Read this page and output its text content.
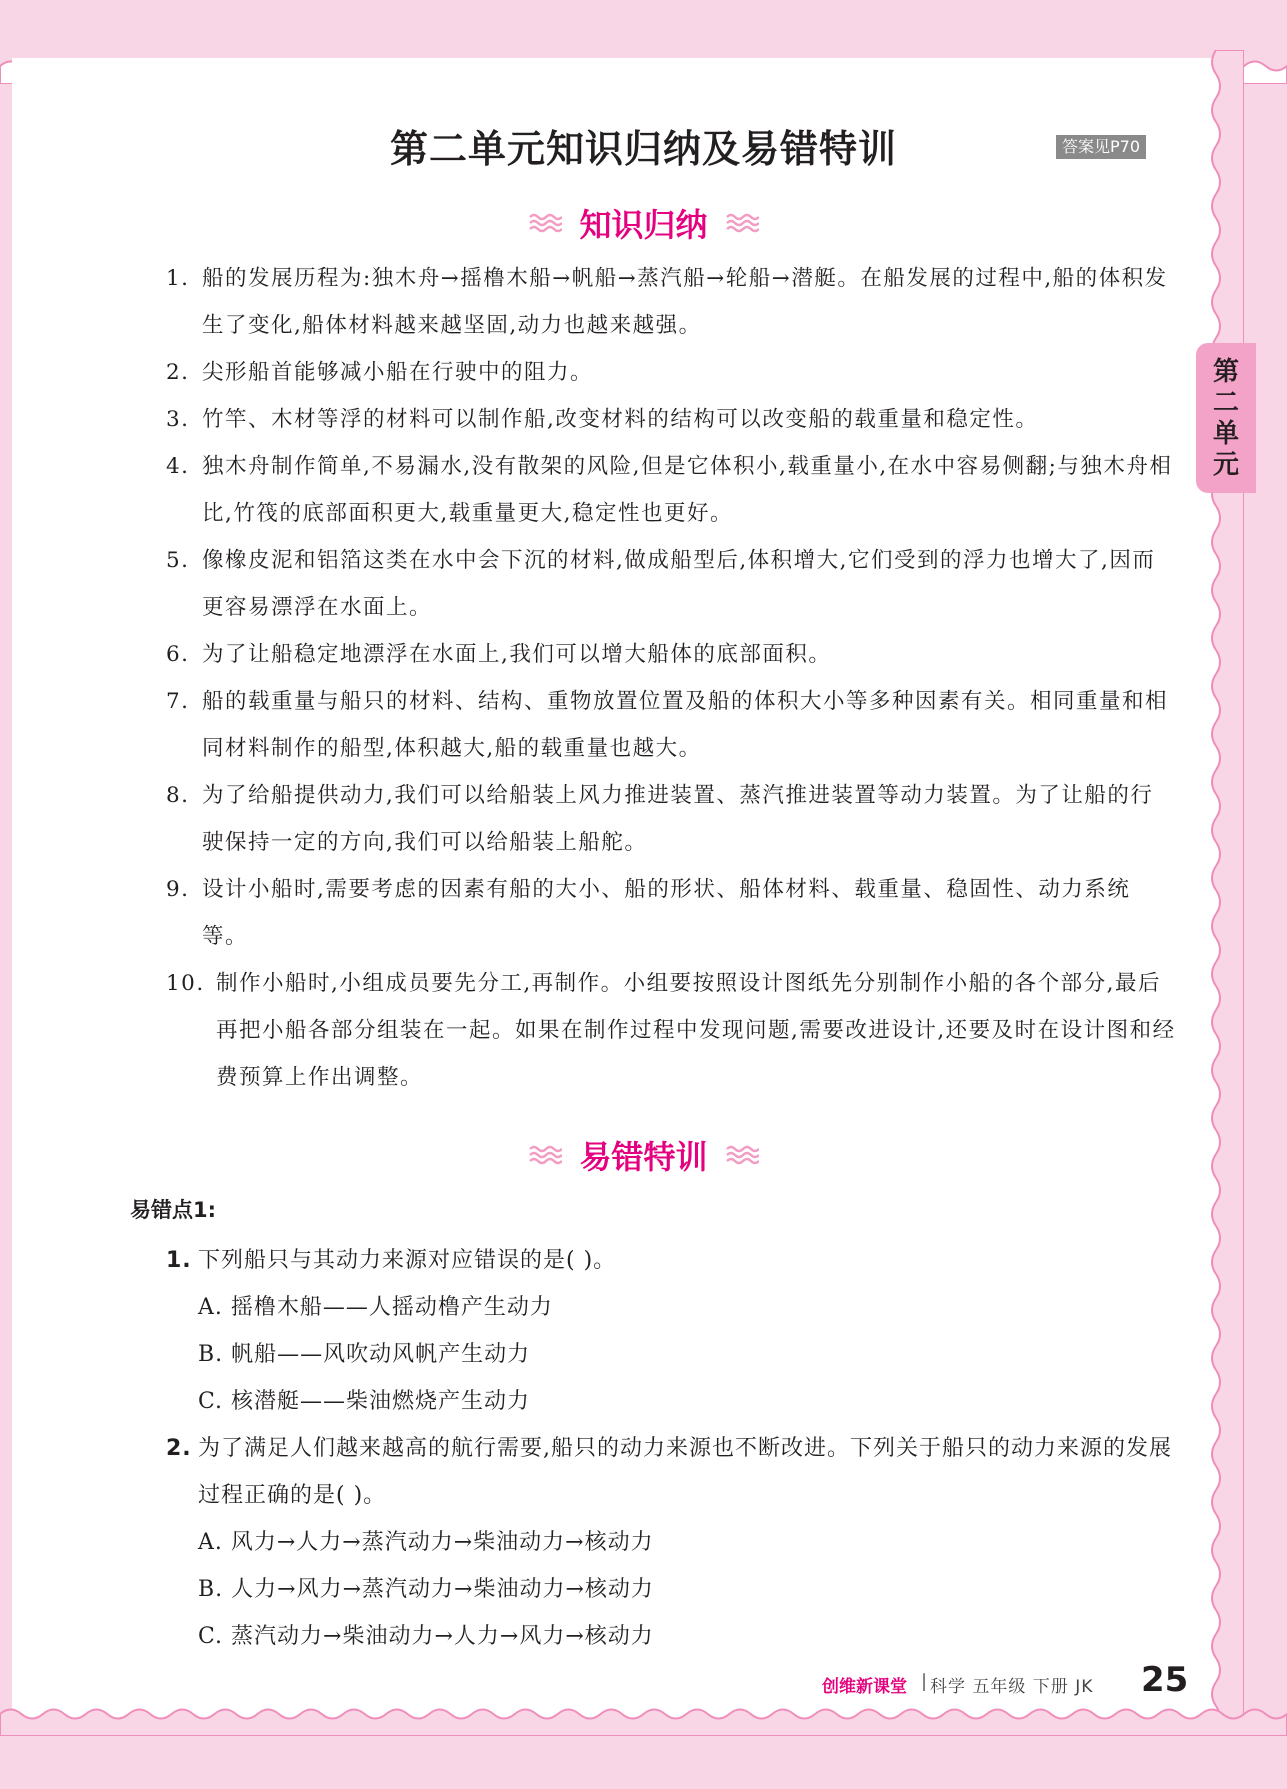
第二单元知识归纳及易错特训	答案见P70
第二单元
知识归纳
1. 船的发展历程为:独木舟→摇橹木船→帆船→蒸汽船→轮船→潜艇。在船发展的过程中,船的体积发生了变化,船体材料越来越坚固,动力也越来越强。
2. 尖形船首能够减小船在行驶中的阻力。
3. 竹竿、木材等浮的材料可以制作船,改变材料的结构可以改变船的载重量和稳定性。
4. 独木舟制作简单,不易漏水,没有散架的风险,但是它体积小,载重量小,在水中容易侧翻;与独木舟相比,竹筏的底部面积更大,载重量更大,稳定性也更好。
5. 像橡皮泥和铝箔这类在水中会下沉的材料,做成船型后,体积增大,它们受到的浮力也增大了,因而更容易漂浮在水面上。
6. 为了让船稳定地漂浮在水面上,我们可以增大船体的底部面积。
7. 船的载重量与船只的材料、结构、重物放置位置及船的体积大小等多种因素有关。相同重量和相同材料制作的船型,体积越大,船的载重量也越大。
8. 为了给船提供动力,我们可以给船装上风力推进装置、蒸汽推进装置等动力装置。为了让船的行驶保持一定的方向,我们可以给船装上船舵。
9. 设计小船时,需要考虑的因素有船的大小、船的形状、船体材料、载重量、稳固性、动力系统等。
10. 制作小船时,小组成员要先分工,再制作。小组要按照设计图纸先分别制作小船的各个部分,最后再把小船各部分组装在一起。如果在制作过程中发现问题,需要改进设计,还要及时在设计图和经费预算上作出调整。
易错特训
易错点1:
1. 下列船只与其动力来源对应错误的是( )。
A. 摇橹木船——人摇动橹产生动力
B. 帆船——风吹动风帆产生动力
C. 核潜艇——柴油燃烧产生动力
2. 为了满足人们越来越高的航行需要,船只的动力来源也不断改进。下列关于船只的动力来源的发展过程正确的是( )。
A. 风力→人力→蒸汽动力→柴油动力→核动力
B. 人力→风力→蒸汽动力→柴油动力→核动力
C. 蒸汽动力→柴油动力→人力→风力→核动力
创维新课堂 | 科学 五年级 下册 JK 25
